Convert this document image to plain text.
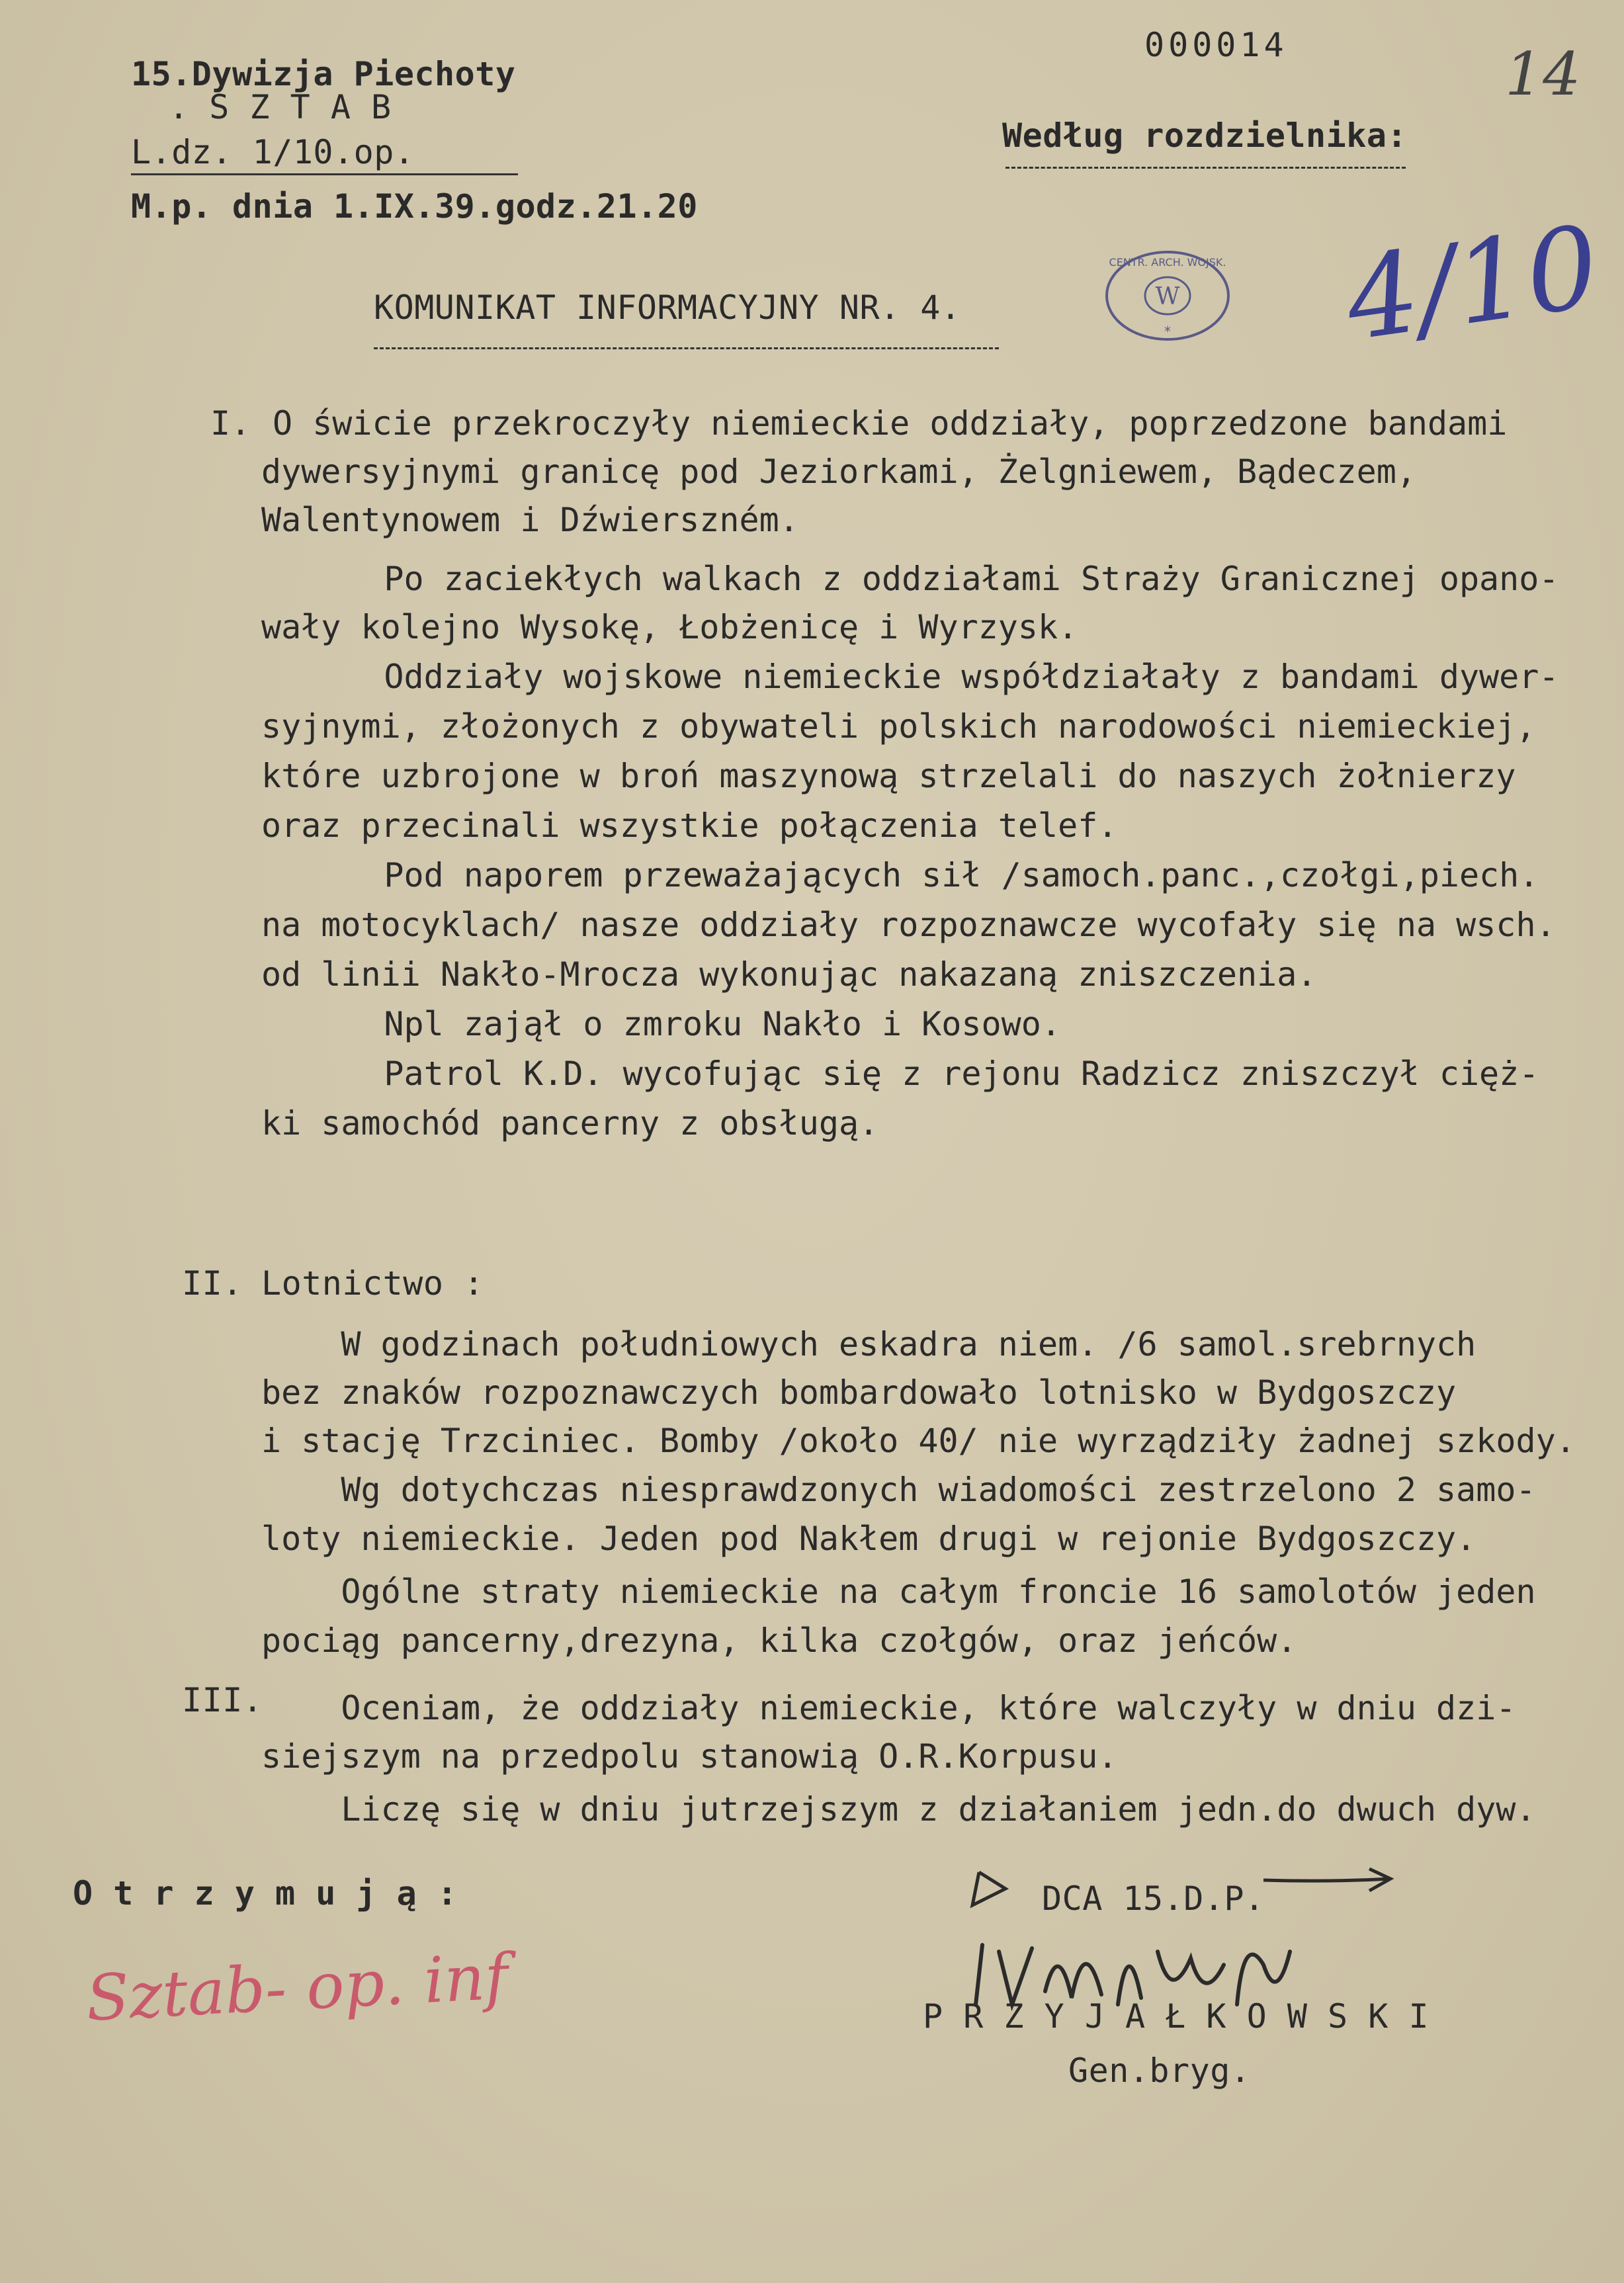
15.Dywizja Piechoty
. S Z T A B
L.dz. 1/10.op.
M.p. dnia 1.IX.39.godz.21.20
000014	14
Według rozdzielnika:
4/10
W
CENTR. ARCH. WOJSK.
*
KOMUNIKAT INFORMACYJNY NR. 4.
I. O świcie przekroczyły niemieckie oddziały, poprzedzone bandami
dywersyjnymi granicę pod Jeziorkami, Żelgniewem, Bądeczem,
Walentynowem i Dźwierszném.
Po zaciekłych walkach z oddziałami Straży Granicznej opano-
wały kolejno Wysokę, Łobżenicę i Wyrzysk.
Oddziały wojskowe niemieckie współdziałały z bandami dywer-
syjnymi, złożonych z obywateli polskich narodowości niemieckiej,
które uzbrojone w broń maszynową strzelali do naszych żołnierzy
oraz przecinali wszystkie połączenia telef.
Pod naporem przeważających sił /samoch.panc.,czołgi,piech.
na motocyklach/ nasze oddziały rozpoznawcze wycofały się na wsch.
od linii Nakło-Mrocza wykonując nakazaną zniszczenia.
Npl zajął o zmroku Nakło i Kosowo.
Patrol K.D. wycofując się z rejonu Radzicz zniszczył cięż-
ki samochód pancerny z obsługą.
II. Lotnictwo :
W godzinach południowych eskadra niem. /6 samol.srebrnych
bez znaków rozpoznawczych bombardowało lotnisko w Bydgoszczy
i stację Trzciniec. Bomby /około 40/ nie wyrządziły żadnej szkody.
Wg dotychczas niesprawdzonych wiadomości zestrzelono 2 samo-
loty niemieckie. Jeden pod Nakłem drugi w rejonie Bydgoszczy.
Ogólne straty niemieckie na całym froncie 16 samolotów jeden
pociąg pancerny,drezyna, kilka czołgów, oraz jeńców.
III.
Oceniam, że oddziały niemieckie, które walczyły w dniu dzi-
siejszym na przedpolu stanowią O.R.Korpusu.
Liczę się w dniu jutrzejszym z działaniem jedn.do dwuch dyw.
O t r z y m u j ą :
Sztab- op. inf
DCA 15.D.P.
P R Z Y J A Ł K O W S K I
Gen.bryg.
